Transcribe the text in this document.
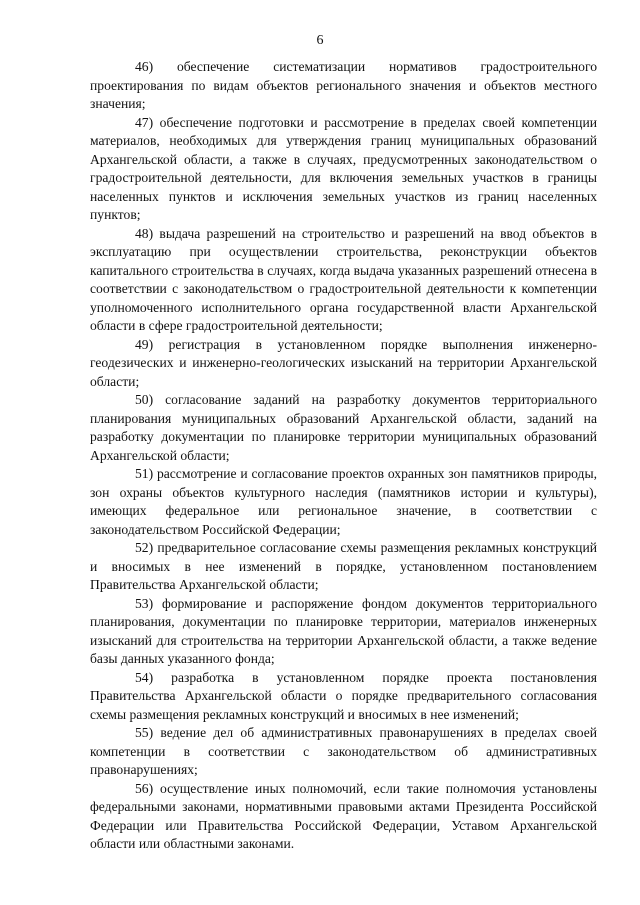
6

46) обеспечение систематизации нормативов градостроительного проектирования по видам объектов регионального значения и объектов местного значения;

47) обеспечение подготовки и рассмотрение в пределах своей компетенции материалов, необходимых для утверждения границ муниципальных образований Архангельской области, а также в случаях, предусмотренных законодательством о градостроительной деятельности, для включения земельных участков в границы населенных пунктов и исключения земельных участков из границ населенных пунктов;

48) выдача разрешений на строительство и разрешений на ввод объектов в эксплуатацию при осуществлении строительства, реконструкции объектов капитального строительства в случаях, когда выдача указанных разрешений отнесена в соответствии с законодательством о градостроительной деятельности к компетенции уполномоченного исполнительного органа государственной власти Архангельской области в сфере градостроительной деятельности;

49) регистрация в установленном порядке выполнения инженерно-геодезических и инженерно-геологических изысканий на территории Архангельской области;

50) согласование заданий на разработку документов территориального планирования муниципальных образований Архангельской области, заданий на разработку документации по планировке территории муниципальных образований Архангельской области;

51) рассмотрение и согласование проектов охранных зон памятников природы, зон охраны объектов культурного наследия (памятников истории и культуры), имеющих федеральное или региональное значение, в соответствии с законодательством Российской Федерации;

52) предварительное согласование схемы размещения рекламных конструкций и вносимых в нее изменений в порядке, установленном постановлением Правительства Архангельской области;

53) формирование и распоряжение фондом документов территориального планирования, документации по планировке территории, материалов инженерных изысканий для строительства на территории Архангельской области, а также ведение базы данных указанного фонда;

54) разработка в установленном порядке проекта постановления Правительства Архангельской области о порядке предварительного согласования схемы размещения рекламных конструкций и вносимых в нее изменений;

55) ведение дел об административных правонарушениях в пределах своей компетенции в соответствии с законодательством об административных правонарушениях;

56) осуществление иных полномочий, если такие полномочия установлены федеральными законами, нормативными правовыми актами Президента Российской Федерации или Правительства Российской Федерации, Уставом Архангельской области или областными законами.
